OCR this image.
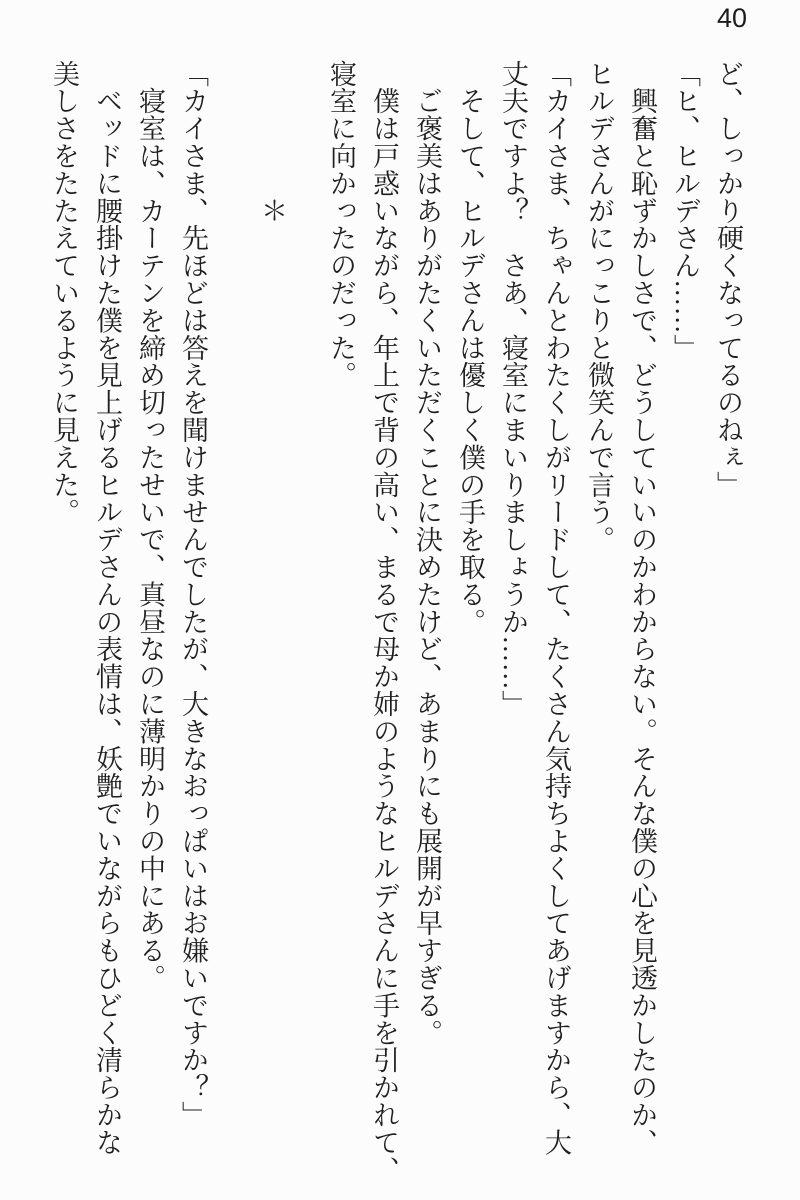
40

ど、しっかり硬くなってるのねぇ」

「ヒ、ヒルデさん……」

　興奮と恥ずかしさで、どうしていいのかわからない。そんな僕の心を見透かしたのか、

ヒルデさんがにっこりと微笑んで言う。

「カイさま、ちゃんとわたくしがリードして、たくさん気持ちよくしてあげますから、大

丈夫ですよ？　さあ、寝室にまいりましょうか……」

　そして、ヒルデさんは優しく僕の手を取る。

　ご褒美はありがたくいただくことに決めたけど、あまりにも展開が早すぎる。

　僕は戸惑いながら、年上で背の高い、まるで母か姉のようなヒルデさんに手を引かれて、

寝室に向かったのだった。

　　　　　＊

「カイさま、先ほどは答えを聞けませんでしたが、大きなおっぱいはお嫌いですか？」

　寝室は、カーテンを締め切ったせいで、真昼なのに薄明かりの中にある。

　ベッドに腰掛けた僕を見上げるヒルデさんの表情は、妖艶でいながらもひどく清らかな

美しさをたたえているように見えた。
